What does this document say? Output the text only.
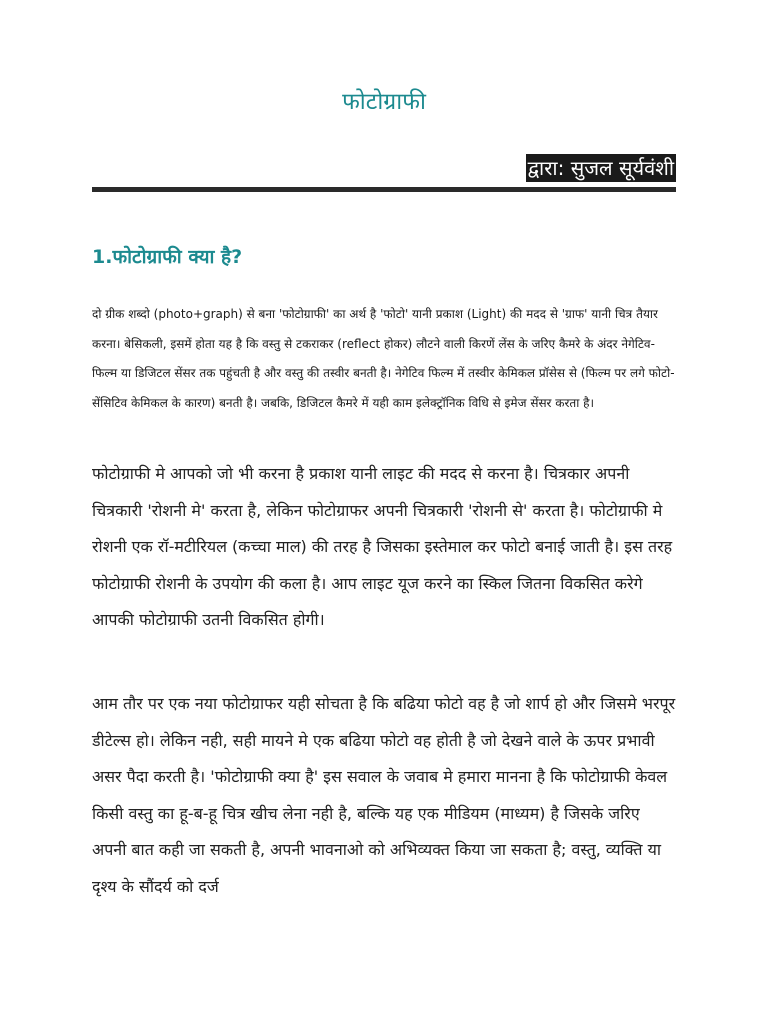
फोटोग्राफी
द्वारा: सुजल सूर्यवंशी
1.फोटोग्राफी क्या है?

दो ग्रीक शब्दो (photo+graph) से बना 'फोटोग्राफी' का अर्थ है 'फोटो' यानी प्रकाश (Light) की मदद से 'ग्राफ' यानी चित्र तैयार करना। बेसिकली, इसमें होता यह है कि वस्तु से टकराकर (reflect होकर) लौटने वाली किरणें लेंस के जरिए कैमरे के अंदर नेगेटिव-फिल्म या डिजिटल सेंसर तक पहुंचती है और वस्तु की तस्वीर बनती है। नेगेटिव फिल्म में तस्वीर केमिकल प्रॉसेस से (फिल्म पर लगे फोटो-सेंसिटिव केमिकल के कारण) बनती है। जबकि, डिजिटल कैमरे में यही काम इलेक्ट्रॉनिक विधि से इमेज सेंसर करता है।

फोटोग्राफी मे आपको जो भी करना है प्रकाश यानी लाइट की मदद से करना है। चित्रकार अपनी चित्रकारी 'रोशनी मे' करता है, लेकिन फोटोग्राफर अपनी चित्रकारी 'रोशनी से' करता है। फोटोग्राफी मे रोशनी एक रॉ-मटीरियल (कच्चा माल) की तरह है जिसका इस्तेमाल कर फोटो बनाई जाती है। इस तरह फोटोग्राफी रोशनी के उपयोग की कला है। आप लाइट यूज करने का स्किल जितना विकसित करेगे आपकी फोटोग्राफी उतनी विकसित होगी।

आम तौर पर एक नया फोटोग्राफर यही सोचता है कि बढिया फोटो वह है जो शार्प हो और जिसमे भरपूर डीटेल्स हो। लेकिन नही, सही मायने मे एक बढिया फोटो वह होती है जो देखने वाले के ऊपर प्रभावी असर पैदा करती है। 'फोटोग्राफी क्या है' इस सवाल के जवाब मे हमारा मानना है कि फोटोग्राफी केवल किसी वस्तु का हू-ब-हू चित्र खीच लेना नही है, बल्कि यह एक मीडियम (माध्यम) है जिसके जरिए अपनी बात कही जा सकती है, अपनी भावनाओ को अभिव्यक्त किया जा सकता है; वस्तु, व्यक्ति या दृश्य के सौंदर्य को दर्ज
